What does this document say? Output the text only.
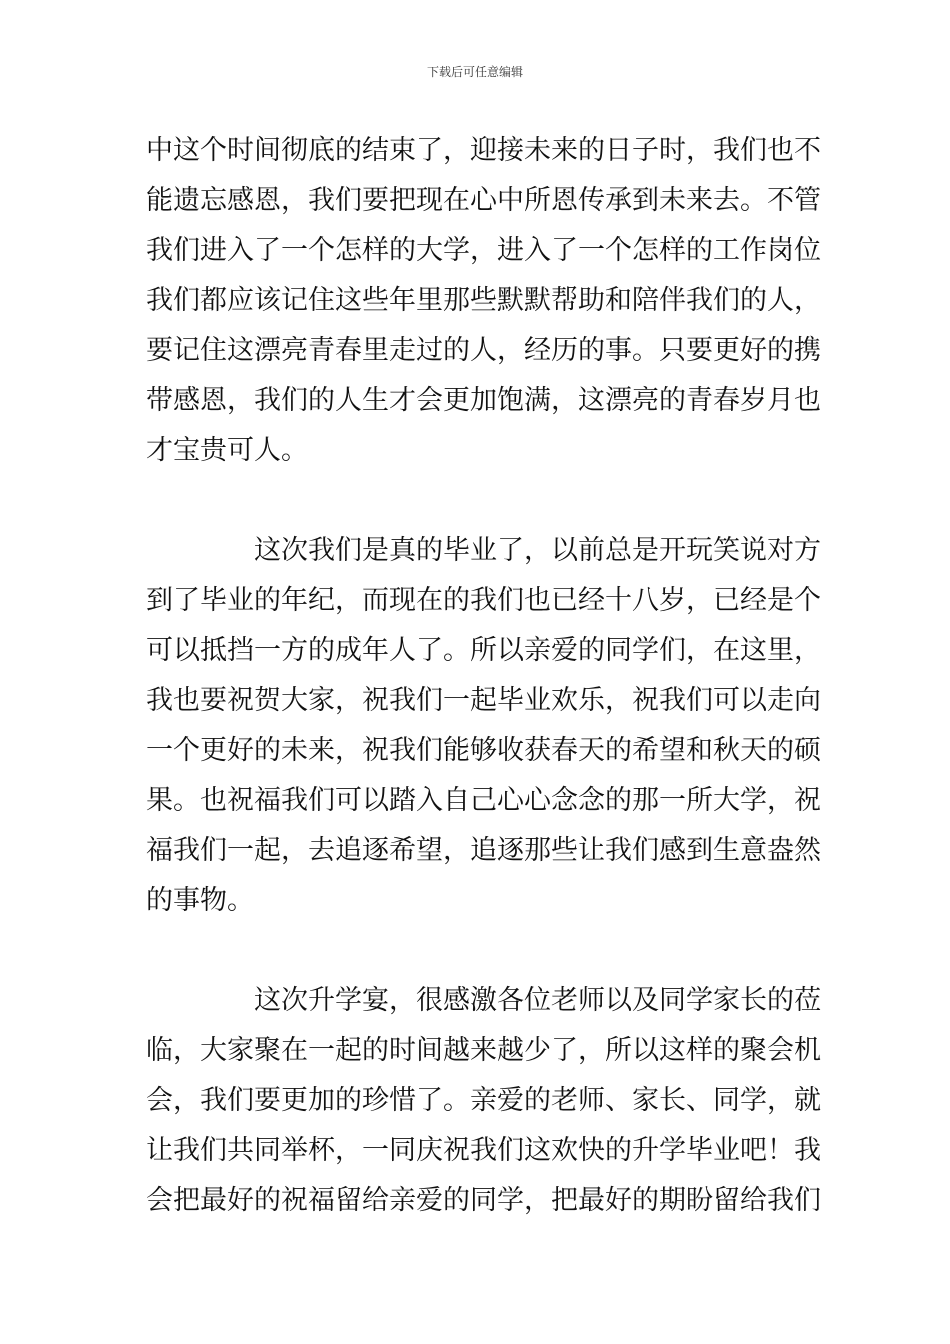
下载后可任意编辑
中这个时间彻底的结束了，迎接未来的日子时，我们也不
能遗忘感恩，我们要把现在心中所恩传承到未来去。不管
我们进入了一个怎样的大学，进入了一个怎样的工作岗位
我们都应该记住这些年里那些默默帮助和陪伴我们的人，
要记住这漂亮青春里走过的人，经历的事。只要更好的携
带感恩，我们的人生才会更加饱满，这漂亮的青春岁月也
才宝贵可人。
这次我们是真的毕业了，以前总是开玩笑说对方
到了毕业的年纪，而现在的我们也已经十八岁，已经是个
可以抵挡一方的成年人了。所以亲爱的同学们，在这里，
我也要祝贺大家，祝我们一起毕业欢乐，祝我们可以走向
一个更好的未来，祝我们能够收获春天的希望和秋天的硕
果。也祝福我们可以踏入自己心心念念的那一所大学，祝
福我们一起，去追逐希望，追逐那些让我们感到生意盎然
的事物。
这次升学宴，很感激各位老师以及同学家长的莅
临，大家聚在一起的时间越来越少了，所以这样的聚会机
会，我们要更加的珍惜了。亲爱的老师、家长、同学，就
让我们共同举杯，一同庆祝我们这欢快的升学毕业吧！我
会把最好的祝福留给亲爱的同学，把最好的期盼留给我们
